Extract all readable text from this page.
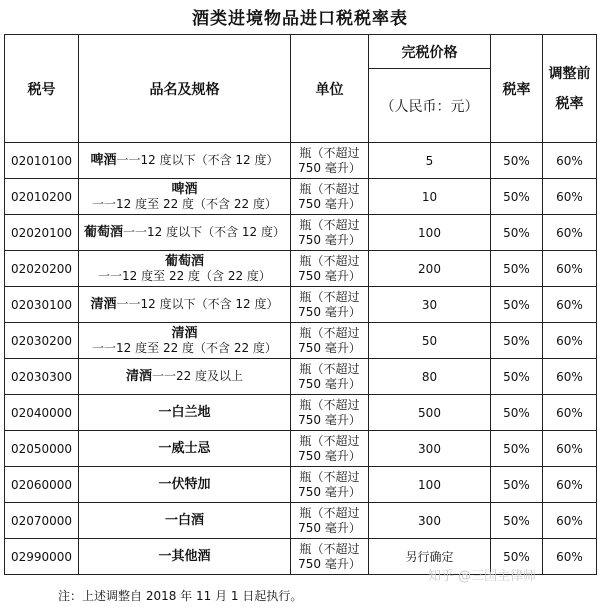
酒类进境物品进口税税率表
税号	品名及规格	单位	完税价格	税率	调整前税率
			（人民币：元）		
02010100	啤酒一一12 度以下（不含 12 度）	瓶（不超过 750 毫升）	5	50%	60%
02010200	啤酒一一12 度至 22 度（不含 22 度）	瓶（不超过 750 毫升）	10	50%	60%
02020100	葡萄酒一一12 度以下（不含 12 度）	瓶（不超过 750 毫升）	100	50%	60%
02020200	葡萄酒一一12 度至 22 度（含 22 度）	瓶（不超过 750 毫升）	200	50%	60%
02030100	清酒一一12 度以下（不含 12 度）	瓶（不超过 750 毫升）	30	50%	60%
02030200	清酒一一12 度至 22 度（不含 22 度）	瓶（不超过 750 毫升）	50	50%	60%
02030300	清酒一一22 度及以上	瓶（不超过 750 毫升）	80	50%	60%
02040000	一白兰地	瓶（不超过 750 毫升）	500	50%	60%
02050000	一威士忌	瓶（不超过 750 毫升）	300	50%	60%
02060000	一伏特加	瓶（不超过 750 毫升）	100	50%	60%
02070000	一白酒	瓶（不超过 750 毫升）	300	50%	60%
02990000	一其他酒	瓶（不超过 750 毫升）	另行确定	50%	60%
知乎 @三国主律师
注：上述调整自 2018 年 11 月 1 日起执行。
